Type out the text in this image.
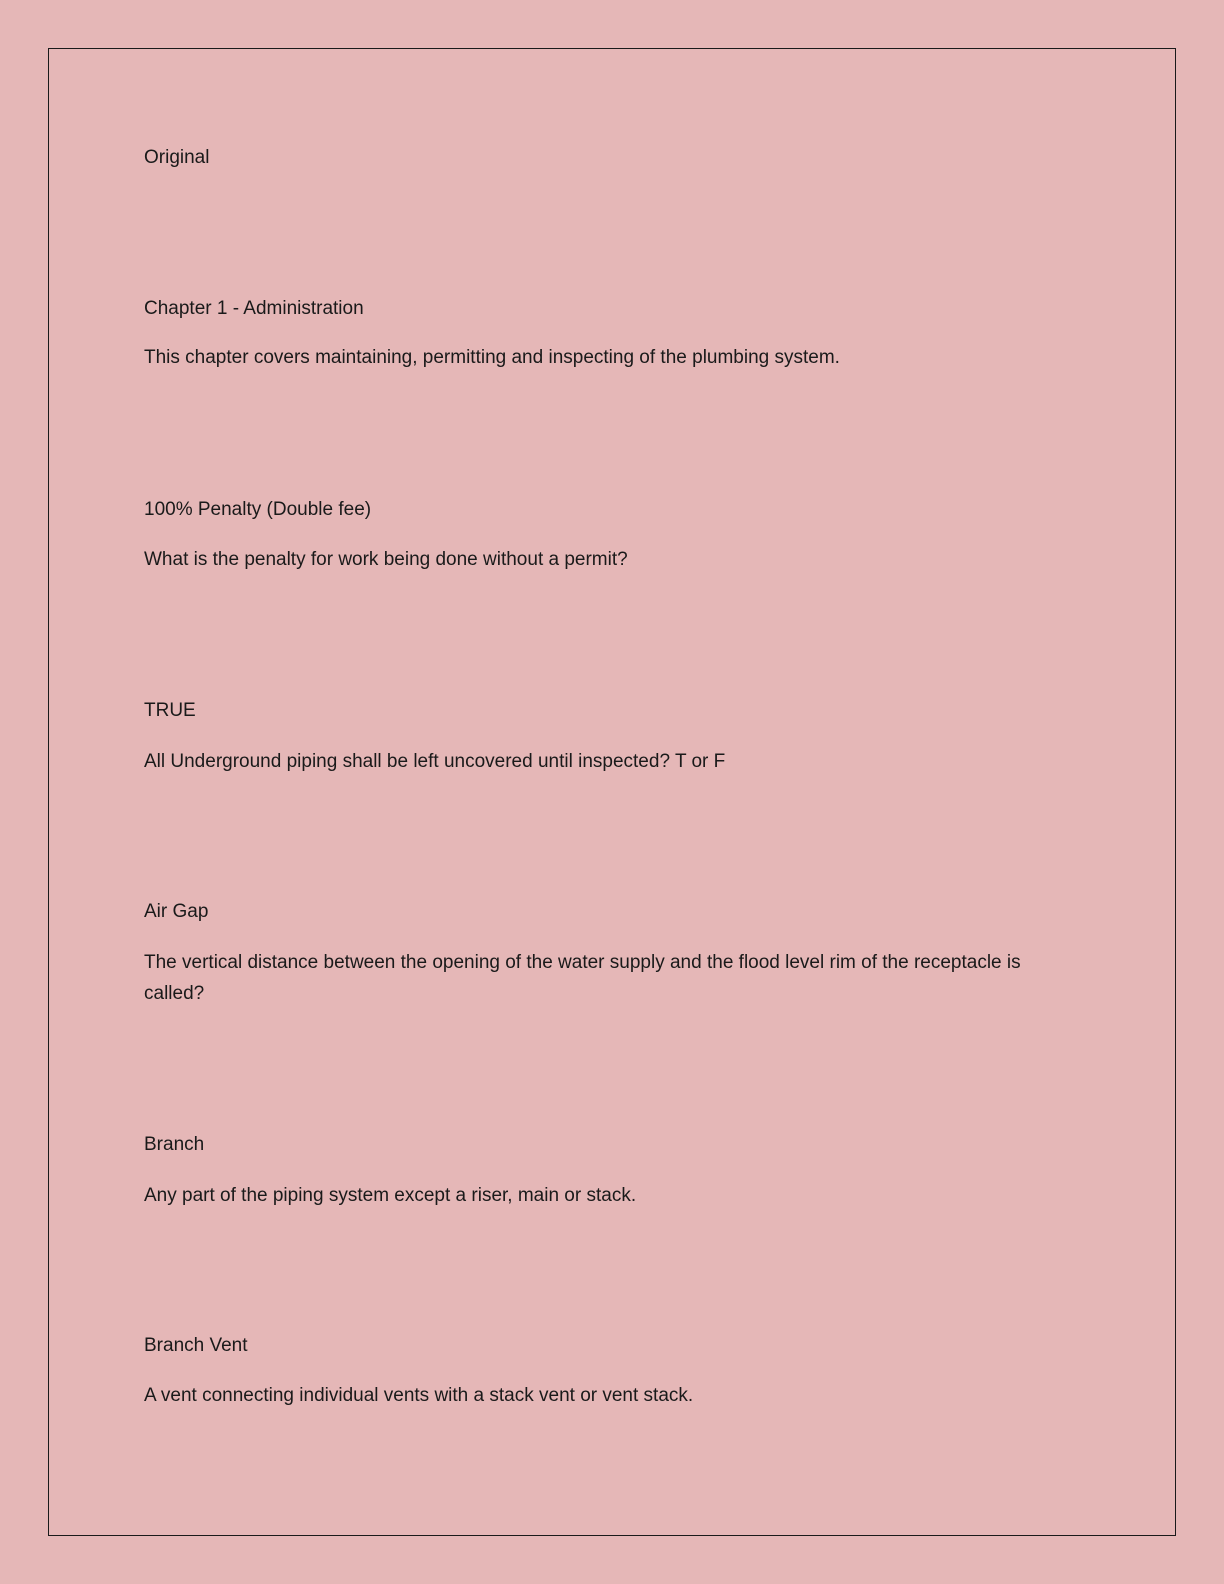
Original

Chapter 1 - Administration

This chapter covers maintaining, permitting and inspecting of the plumbing system.

100% Penalty (Double fee)

What is the penalty for work being done without a permit?

TRUE

All Underground piping shall be left uncovered until inspected? T or F

Air Gap

The vertical distance between the opening of the water supply and the flood level rim of the receptacle is called?

Branch

Any part of the piping system except a riser, main or stack.

Branch Vent

A vent connecting individual vents with a stack vent or vent stack.
